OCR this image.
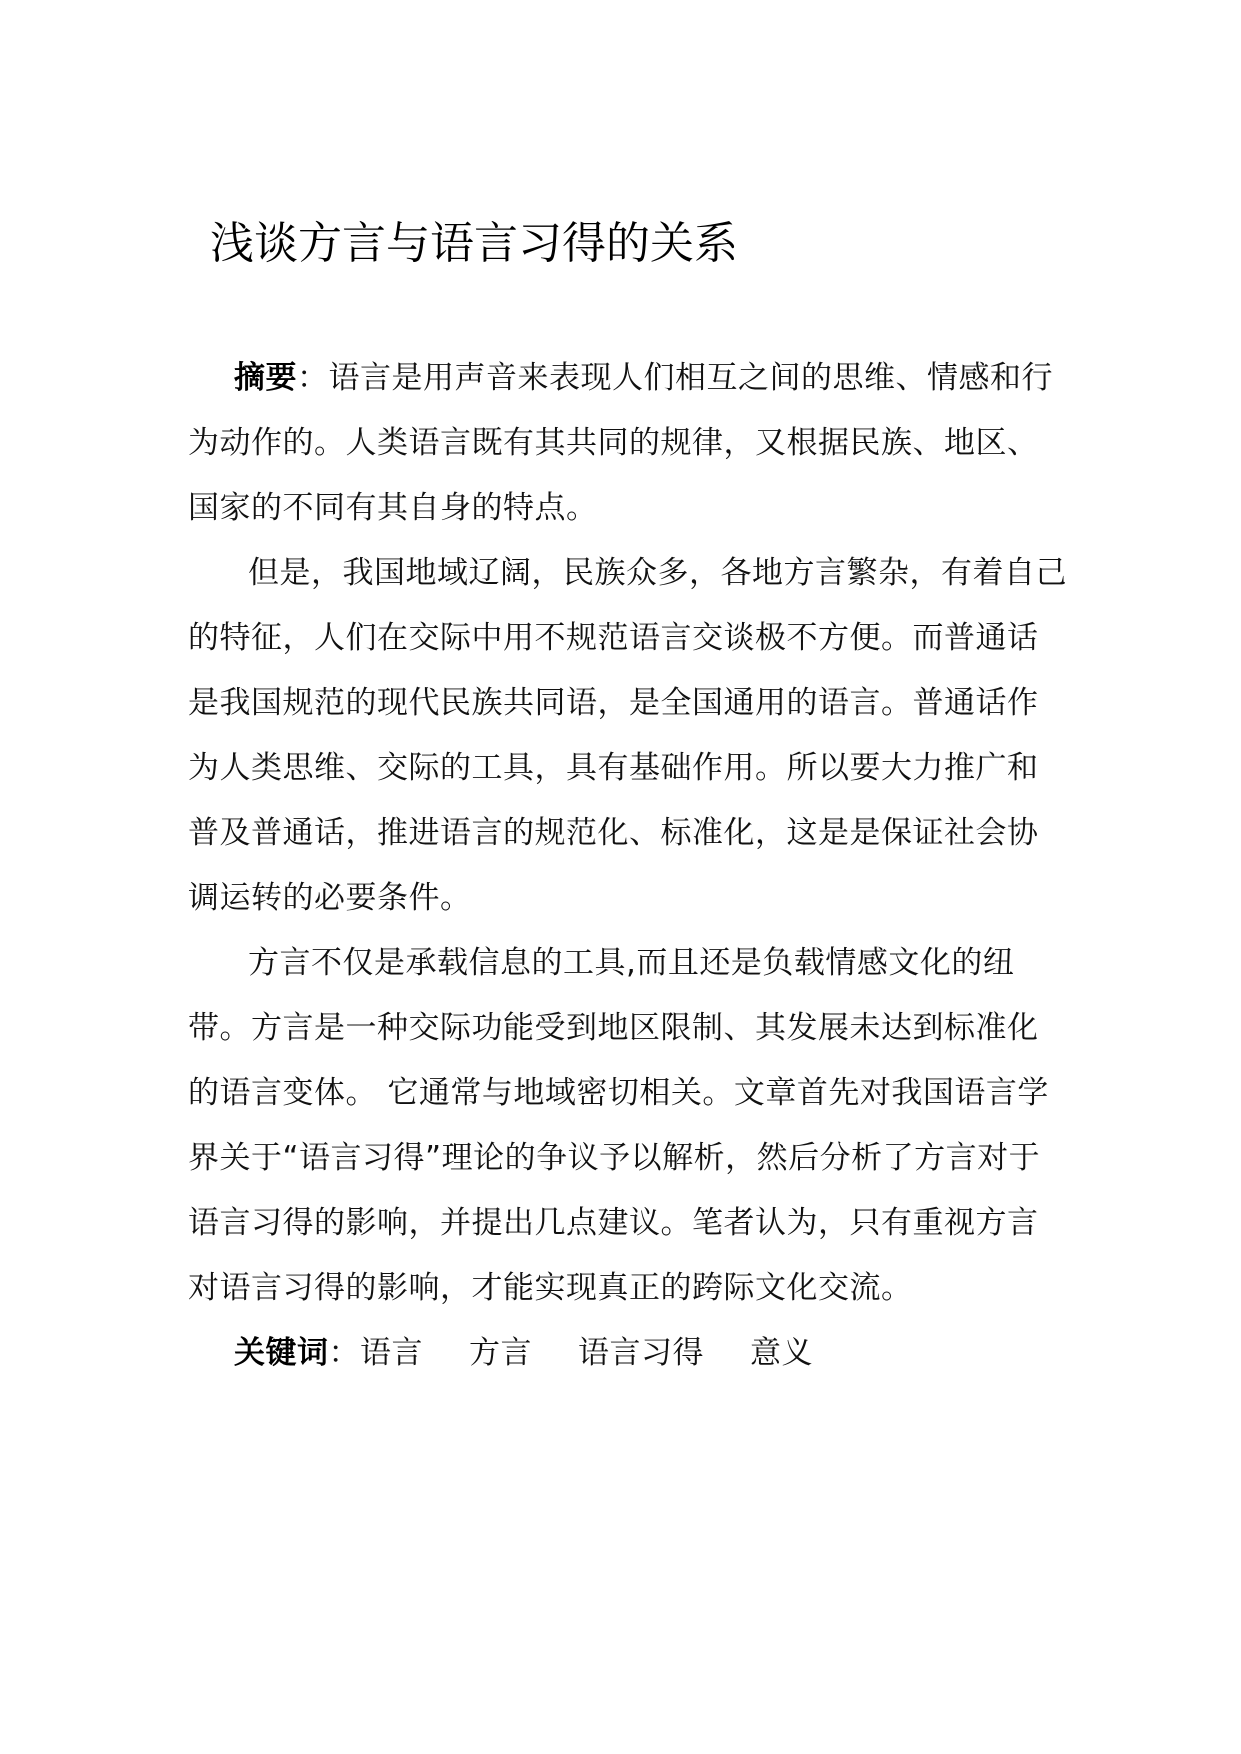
浅谈方言与语言习得的关系

摘要：语言是用声音来表现人们相互之间的思维、情感和行为动作的。人类语言既有其共同的规律，又根据民族、地区、国家的不同有其自身的特点。

但是，我国地域辽阔，民族众多，各地方言繁杂，有着自己的特征，人们在交际中用不规范语言交谈极不方便。而普通话是我国规范的现代民族共同语，是全国通用的语言。普通话作为人类思维、交际的工具，具有基础作用。所以要大力推广和普及普通话，推进语言的规范化、标准化，这是是保证社会协调运转的必要条件。

方言不仅是承载信息的工具,而且还是负载情感文化的纽带。方言是一种交际功能受到地区限制、其发展未达到标准化的语言变体。 它通常与地域密切相关。文章首先对我国语言学界关于“语言习得”理论的争议予以解析，然后分析了方言对于语言习得的影响，并提出几点建议。笔者认为，只有重视方言对语言习得的影响，才能实现真正的跨际文化交流。

关键词：语言 方言 语言习得 意义
